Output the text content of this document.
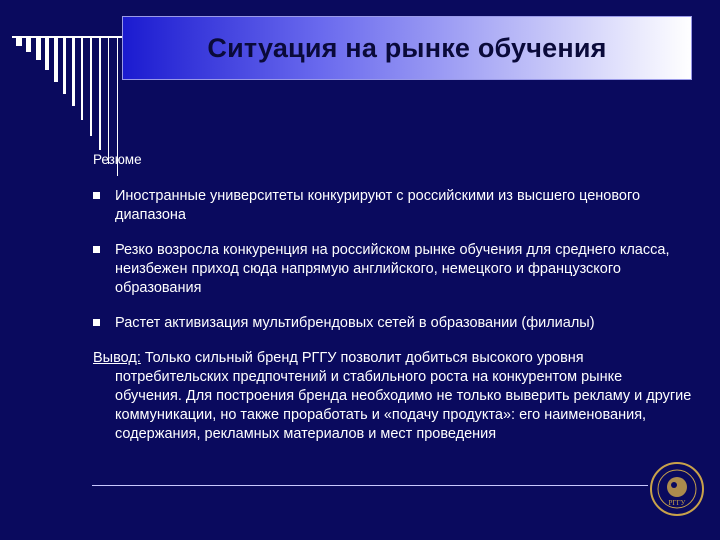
Ситуация на рынке обучения
Резюме
Иностранные университеты конкурируют с российскими из высшего ценового диапазона
Резко возросла конкуренция на российском рынке обучения для среднего класса, неизбежен приход сюда напрямую английского, немецкого и французского образования
Растет активизация мультибрендовых сетей в образовании (филиалы)
Вывод: Только сильный бренд РГГУ позволит добиться высокого уровня потребительских предпочтений и стабильного роста на конкурентом рынке обучения. Для построения бренда необходимо не только выверить рекламу и другие коммуникации, но также проработать и «подачу продукта»: его наименования, содержания, рекламных материалов и мест проведения
РГГУ
